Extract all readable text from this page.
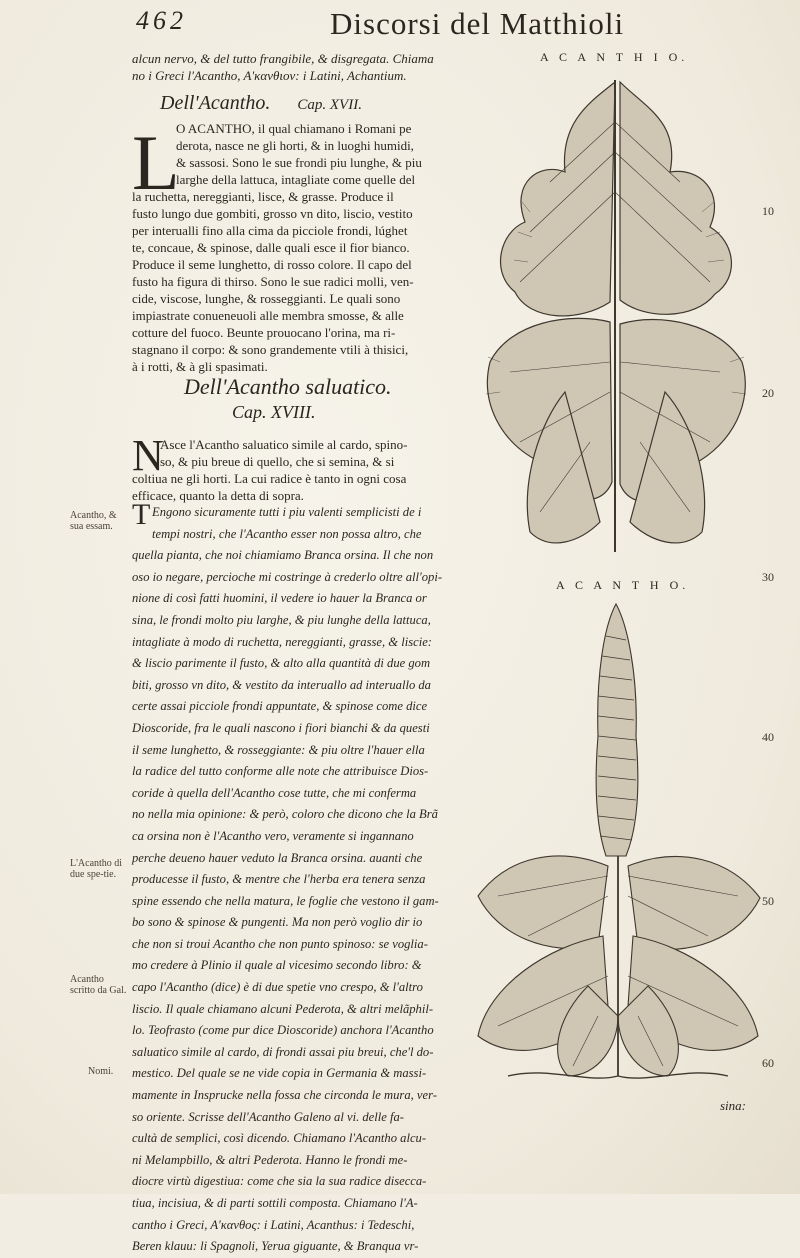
462	Discorsi del Matthioli
alcun nervo, & del tutto frangibile, & disgregata. Chiama
no i Greci l'Acantho, A'κανθιον: i Latini, Achantium.
Dell'Acantho. Cap. XVII.
L
O ACANTHO, il qual chiamano i Romani pe
derota, nasce ne gli horti, & in luoghi humidi,
& sassosi. Sono le sue frondi piu lunghe, & piu
larghe della lattuca, intagliate come quelle del
la ruchetta, nereggianti, lisce, & grasse. Produce il
fusto lungo due gombiti, grosso vn dito, liscio, vestito
per interualli fino alla cima da picciole frondi, lúghet
te, concaue, & spinose, dalle quali esce il fior bianco.
Produce il seme lunghetto, di rosso colore. Il capo del
fusto ha figura di thirso. Sono le sue radici molli, ven-
cide, viscose, lunghe, & rosseggianti. Le quali sono
impiastrate conueneuoli alle membra smosse, & alle
cotture del fuoco. Beunte prouocano l'orina, ma ri-
stagnano il corpo: & sono grandemente vtili à thisici,
à i rotti, & à gli spasimati.
Dell'Acantho saluatico.
Cap. XVIII.
N
Asce l'Acantho saluatico simile al cardo, spino-
so, & piu breue di quello, che si semina, & si
coltiua ne gli horti. La cui radice è tanto in ogni cosa
efficace, quanto la detta di sopra.
T Engono sicuramente tutti i piu valenti semplicisti de i
tempi nostri, che l'Acantho esser non possa altro, che
quella pianta, che noi chiamiamo Branca orsina. Il che non
oso io negare, percioche mi costringe à crederlo oltre all'opi-
nione di così fatti huomini, il vedere io hauer la Branca or
sina, le frondi molto piu larghe, & piu lunghe della lattuca,
intagliate à modo di ruchetta, nereggianti, grasse, & liscie:
& liscio parimente il fusto, & alto alla quantità di due gom
biti, grosso vn dito, & vestito da interuallo ad interuallo da
certe assai picciole frondi appuntate, & spinose come dice
Dioscoride, fra le quali nascono i fiori bianchi & da questi
il seme lunghetto, & rosseggiante: & piu oltre l'hauer ella
la radice del tutto conforme alle note che attribuisce Dios-
coride à quella dell'Acantho cose tutte, che mi conferma
no nella mia opinione: & però, coloro che dicono che la Brã
ca orsina non è l'Acantho vero, veramente si ingannano
perche deueno hauer veduto la Branca orsina. auanti che
producesse il fusto, & mentre che l'herba era tenera senza
spine essendo che nella matura, le foglie che vestono il gam-
bo sono & spinose & pungenti. Ma non però voglio dir io
che non si troui Acantho che non punto spinoso: se voglia-
mo credere à Plinio il quale al vicesimo secondo libro: &
capo l'Acantho (dice) è di due spetie vno crespo, & l'altro
liscio. Il quale chiamano alcuni Pederota, & altri melãphil-
lo. Teofrasto (come pur dice Dioscoride) anchora l'Acantho
saluatico simile al cardo, di frondi assai piu breui, che'l do-
mestico. Del quale se ne vide copia in Germania & massi-
mamente in Insprucke nella fossa che circonda le mura, ver-
so oriente. Scrisse dell'Acantho Galeno al vi. delle fa-
cultà de semplici, così dicendo. Chiamano l'Acantho alcu-
ni Melampbillo, & altri Pederota. Hanno le frondi me-
diocre virtù digestiua: come che sia la sua radice disecca-
tiua, incisiua, & di parti sottili composta. Chiamano l'A-
cantho i Greci, A'κανθος: i Latini, Acanthus: i Tedeschi,
Beren klauu: li Spagnoli, Yerua giguante, & Branqua vr-
Acantho, & sua essam.
L'Acantho di due spe-tie.
Acantho scritto da Gal.
Nomi.
10
20
30
40
50
60
A C A N T H I O.
A C A N T H O.
sina:
